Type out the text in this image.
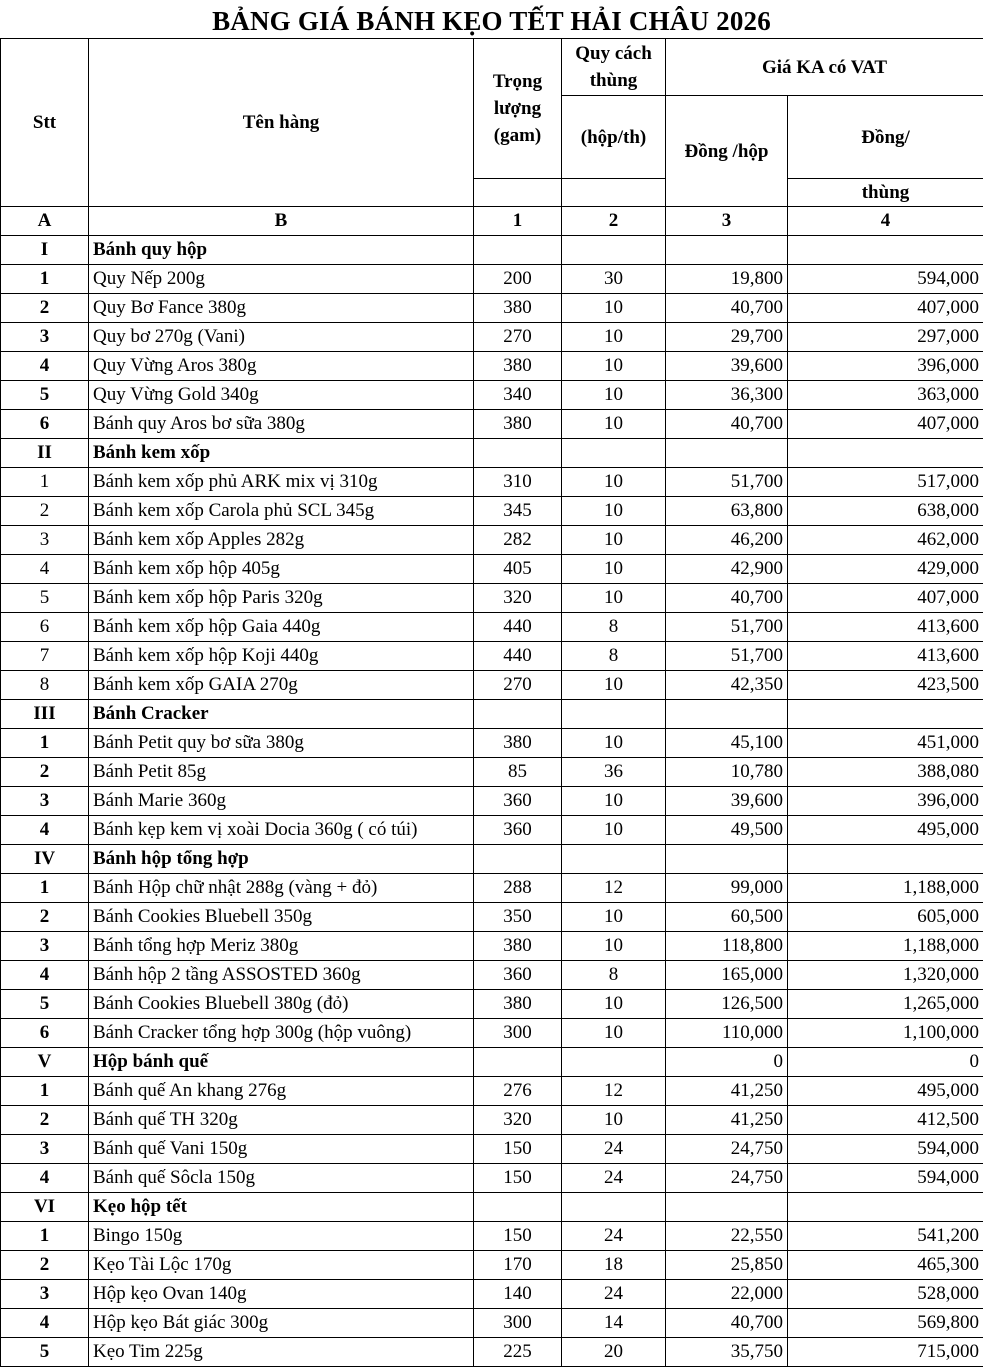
BẢNG GIÁ BÁNH KẸO TẾT HẢI CHÂU 2026
Stt	Tên hàng	Trọng lượng (gam)	Quy cách thùng	Giá KA có VAT	
			(hộp/th)	Đồng /hộp	Đồng/
					thùng
A	B	1	2	3	4
I	Bánh quy hộp				
1	Quy Nếp 200g	200	30	19,800	594,000
2	Quy Bơ Fance 380g	380	10	40,700	407,000
3	Quy bơ 270g (Vani)	270	10	29,700	297,000
4	Quy Vừng Aros 380g	380	10	39,600	396,000
5	Quy Vừng Gold 340g	340	10	36,300	363,000
6	Bánh quy Aros bơ sữa 380g	380	10	40,700	407,000
II	Bánh kem xốp				
1	Bánh kem xốp phủ ARK mix vị 310g	310	10	51,700	517,000
2	Bánh kem xốp Carola phủ SCL 345g	345	10	63,800	638,000
3	Bánh kem xốp Apples 282g	282	10	46,200	462,000
4	Bánh kem xốp hộp 405g	405	10	42,900	429,000
5	Bánh kem xốp hộp Paris 320g	320	10	40,700	407,000
6	Bánh kem xốp hộp Gaia 440g	440	8	51,700	413,600
7	Bánh kem xốp hộp Koji 440g	440	8	51,700	413,600
8	Bánh kem xốp GAIA 270g	270	10	42,350	423,500
III	Bánh Cracker				
1	Bánh Petit quy bơ sữa 380g	380	10	45,100	451,000
2	Bánh Petit 85g	85	36	10,780	388,080
3	Bánh Marie 360g	360	10	39,600	396,000
4	Bánh kẹp kem vị xoài Docia 360g ( có túi)	360	10	49,500	495,000
IV	Bánh hộp tổng hợp				
1	Bánh Hộp chữ nhật 288g (vàng + đỏ)	288	12	99,000	1,188,000
2	Bánh Cookies Bluebell 350g	350	10	60,500	605,000
3	Bánh tổng hợp Meriz 380g	380	10	118,800	1,188,000
4	Bánh hộp 2 tầng ASSOSTED 360g	360	8	165,000	1,320,000
5	Bánh Cookies Bluebell 380g (đỏ)	380	10	126,500	1,265,000
6	Bánh Cracker tổng hợp 300g (hộp vuông)	300	10	110,000	1,100,000
V	Hộp bánh quế			0	0
1	Bánh quế An khang 276g	276	12	41,250	495,000
2	Bánh quế TH 320g	320	10	41,250	412,500
3	Bánh quế Vani 150g	150	24	24,750	594,000
4	Bánh quế Sôcla 150g	150	24	24,750	594,000
VI	Kẹo hộp tết				
1	Bingo 150g	150	24	22,550	541,200
2	Kẹo Tài Lộc 170g	170	18	25,850	465,300
3	Hộp kẹo Ovan 140g	140	24	22,000	528,000
4	Hộp kẹo Bát giác 300g	300	14	40,700	569,800
5	Kẹo Tim 225g	225	20	35,750	715,000
